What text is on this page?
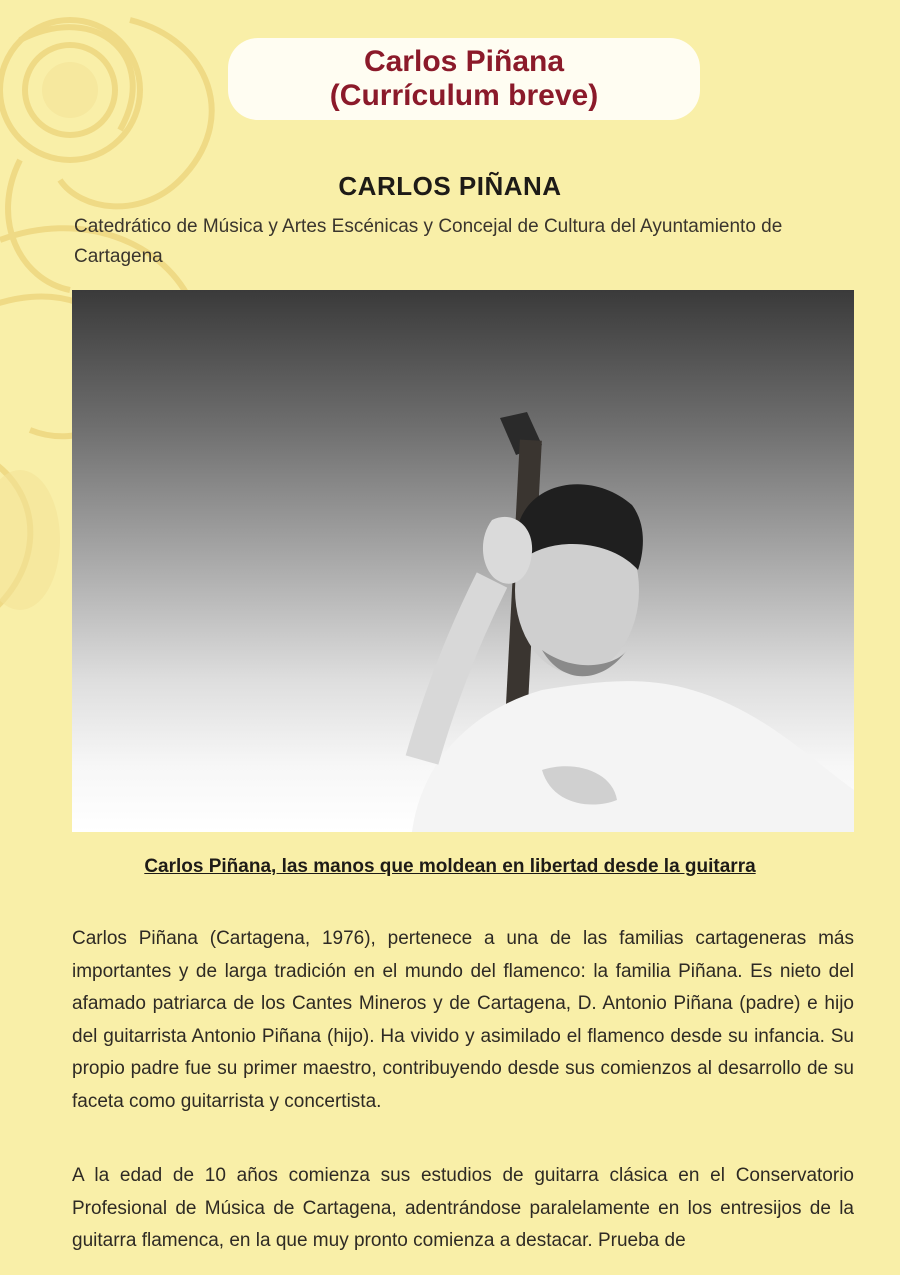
Carlos Piñana
(Currículum breve)
CARLOS PIÑANA
Catedrático de Música y Artes Escénicas y Concejal de Cultura del Ayuntamiento de Cartagena
Carlos Piñana, las manos que moldean en libertad desde la guitarra

Carlos Piñana (Cartagena, 1976), pertenece a una de las familias cartageneras más importantes y de larga tradición en el mundo del flamenco: la familia Piñana. Es nieto del afamado patriarca de los Cantes Mineros y de Cartagena, D. Antonio Piñana (padre) e hijo del guitarrista Antonio Piñana (hijo). Ha vivido y asimilado el flamenco desde su infancia. Su propio padre fue su primer maestro, contribuyendo desde sus comienzos al desarrollo de su faceta como guitarrista y concertista.

A la edad de 10 años comienza sus estudios de guitarra clásica en el Conservatorio Profesional de Música de Cartagena, adentrándose paralelamente en los entresijos de la guitarra flamenca, en la que muy pronto comienza a destacar. Prueba de
